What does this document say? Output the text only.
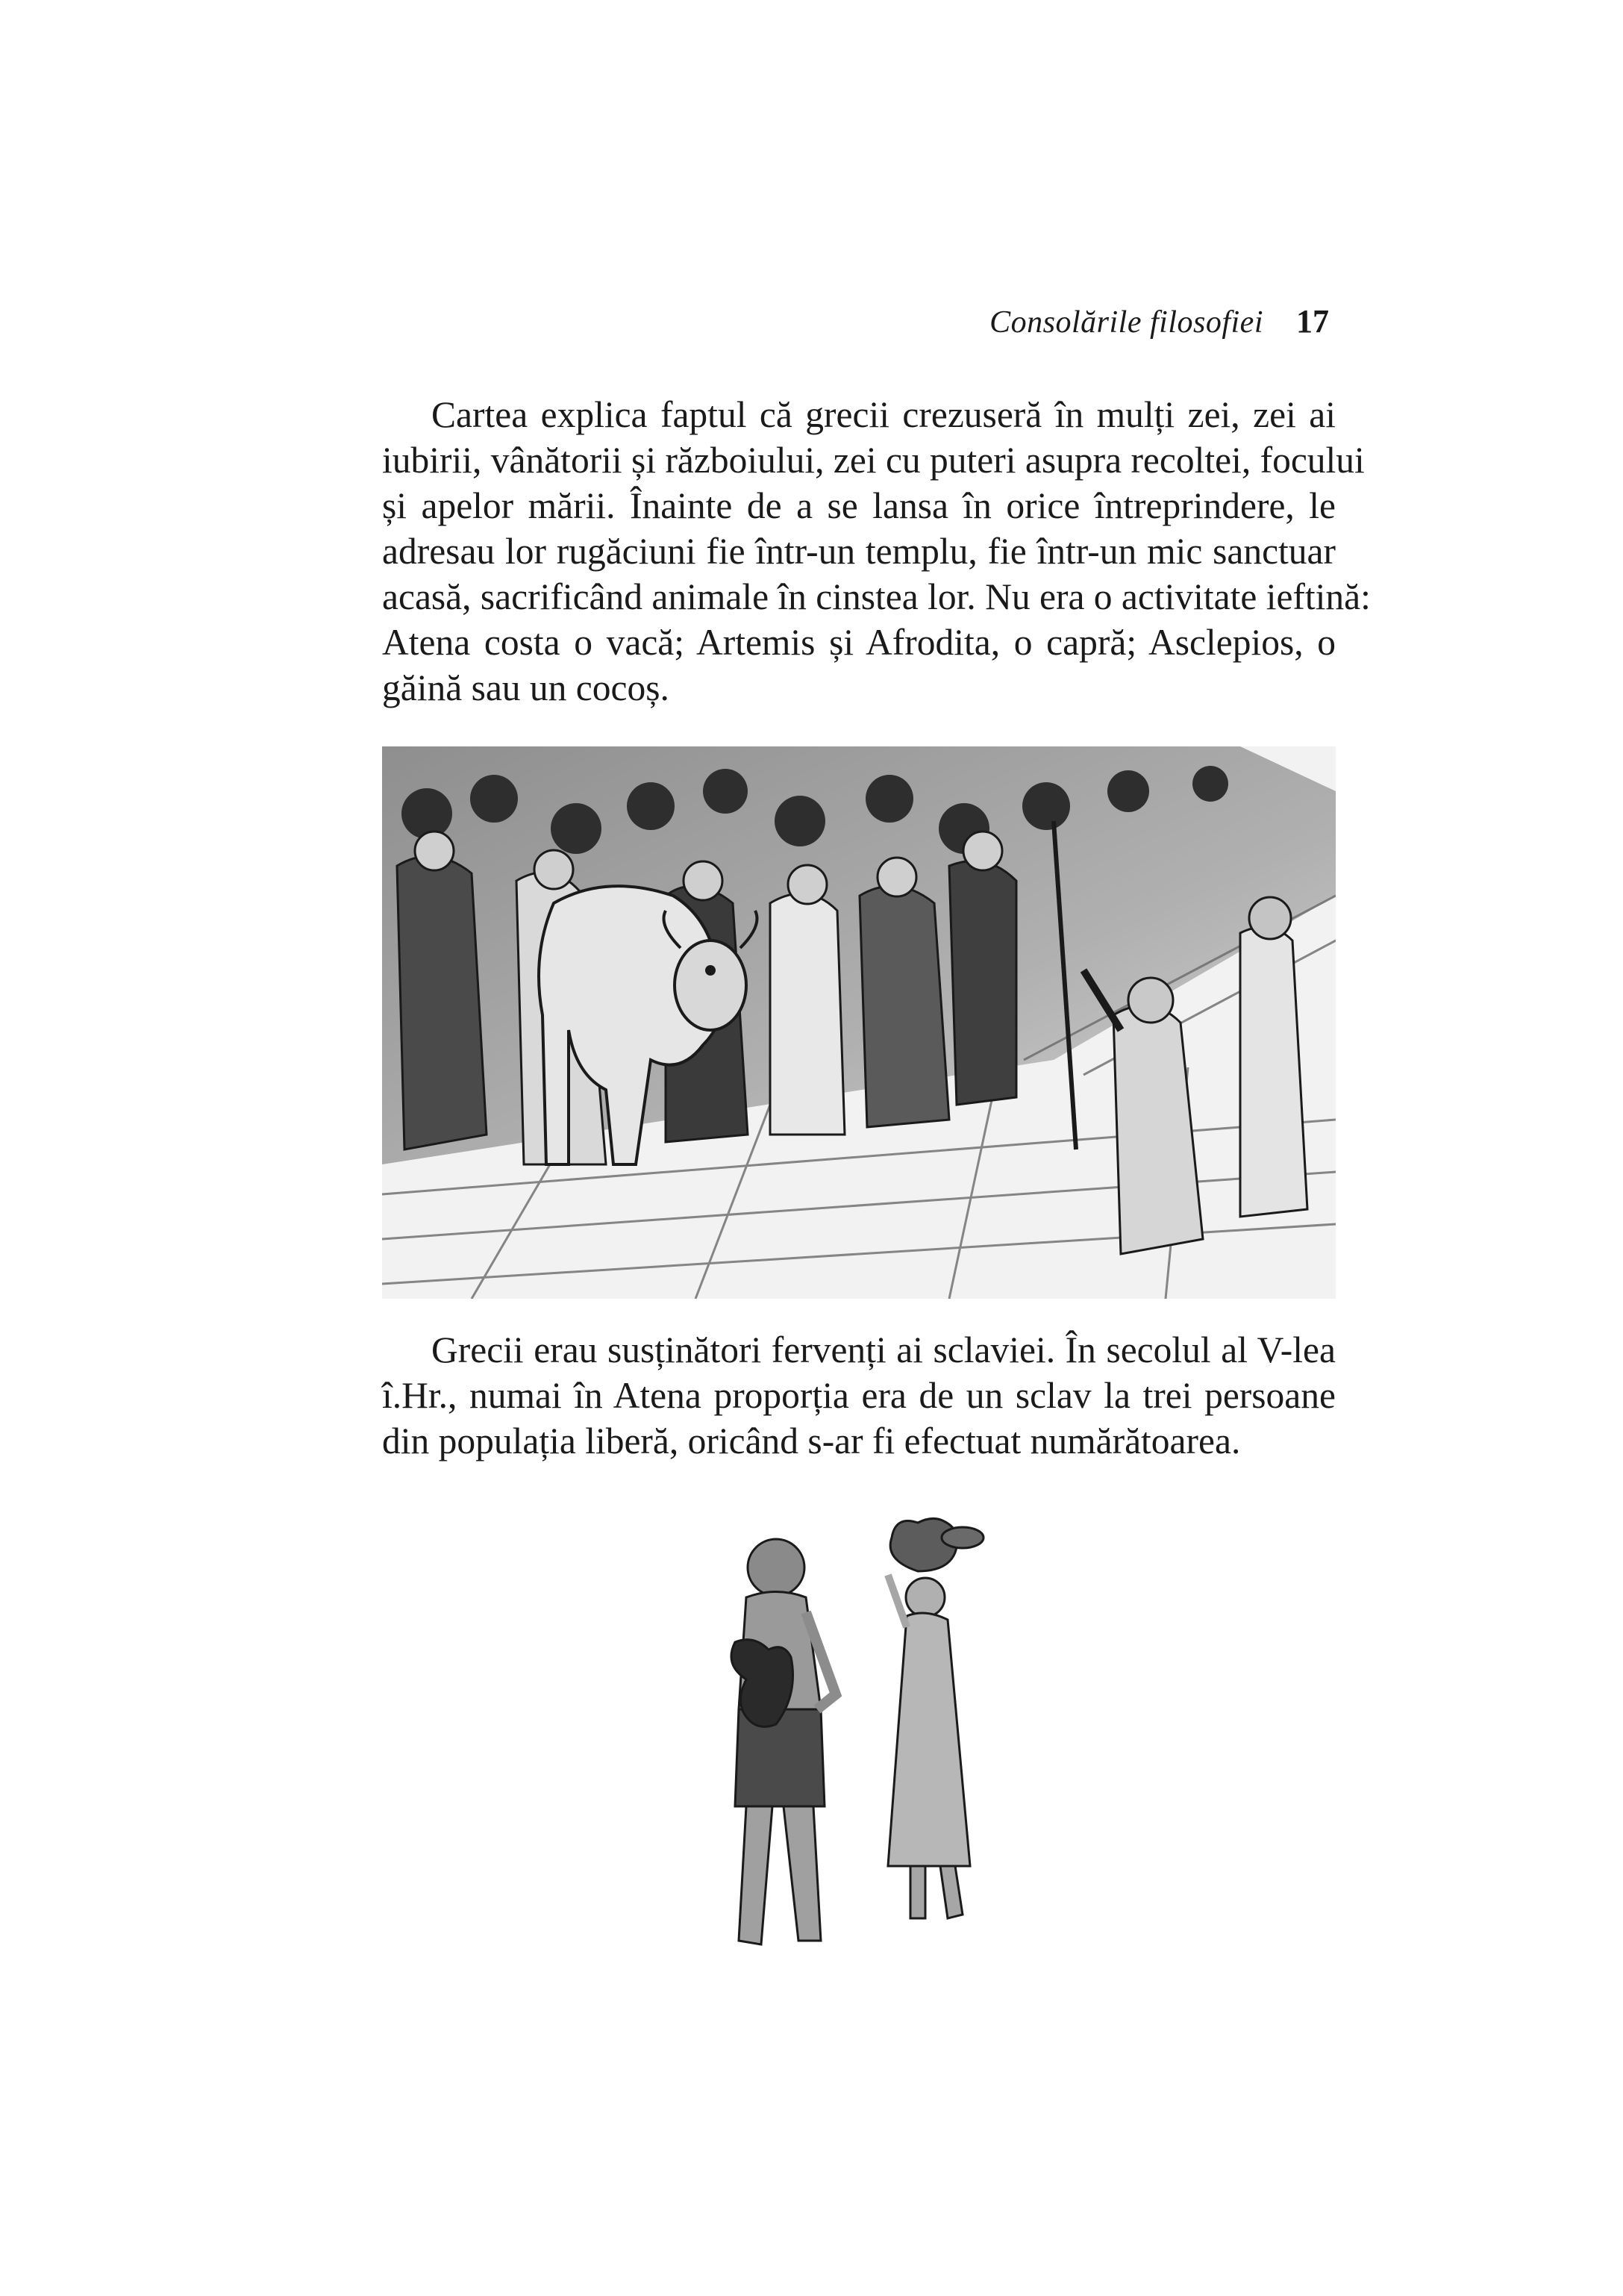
Consolările filosofiei 17

Cartea explica faptul că grecii crezuseră în mulți zei, zei ai
iubirii, vânătorii și războiului, zei cu puteri asupra recoltei, focului
și apelor mării. Înainte de a se lansa în orice întreprindere, le
adresau lor rugăciuni fie într-un templu, fie într-un mic sanctuar
acasă, sacrificând animale în cinstea lor. Nu era o activitate ieftină:
Atena costa o vacă; Artemis și Afrodita, o capră; Asclepios, o
găină sau un cocoș.

Grecii erau susținători fervenți ai sclaviei. În secolul al V-lea
î.Hr., numai în Atena proporția era de un sclav la trei persoane
din populația liberă, oricând s-ar fi efectuat numărătoarea.
